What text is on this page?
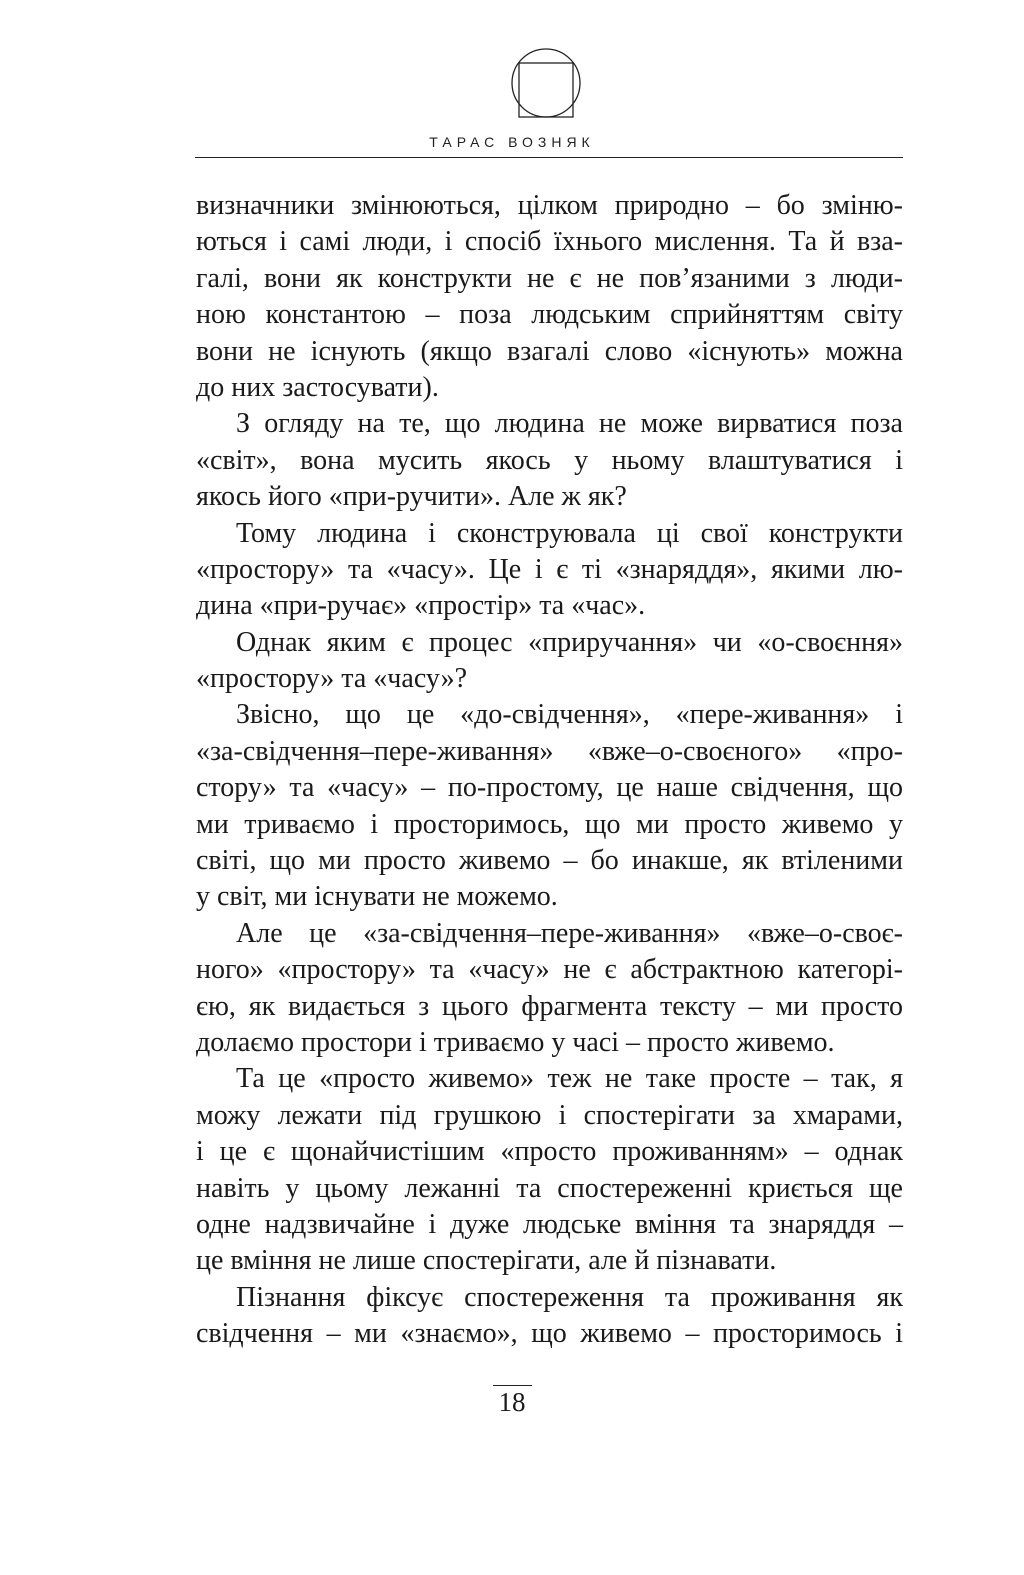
ТАРАС ВОЗНЯК
визначники змінюються, цілком природно – бо зміню-
ються і самі люди, і спосіб їхнього мислення. Та й вза-
галі, вони як конструкти не є не пов’язаними з люди-
ною константою – поза людським сприйняттям світу
вони не існують (якщо взагалі слово «існують» можна
до них застосувати).
З огляду на те, що людина не може вирватися поза
«світ», вона мусить якось у ньому влаштуватися і
якось його «при-ручити». Але ж як?
Тому людина і сконструювала ці свої конструкти
«простору» та «часу». Це і є ті «знаряддя», якими лю-
дина «при-ручає» «простір» та «час».
Однак яким є процес «приручання» чи «о-своєння»
«простору» та «часу»?
Звісно, що це «до-свідчення», «пере-живання» і
«за-свідчення–пере-живання» «вже–о-своєного» «про-
стору» та «часу» – по-простому, це наше свідчення, що
ми триваємо і просторимось, що ми просто живемо у
світі, що ми просто живемо – бо инакше, як втіленими
у світ, ми існувати не можемо.
Але це «за-свідчення–пере-живання» «вже–о-своє-
ного» «простору» та «часу» не є абстрактною категорі-
єю, як видається з цього фрагмента тексту – ми просто
долаємо простори і триваємо у часі – просто живемо.
Та це «просто живемо» теж не таке просте – так, я
можу лежати під грушкою і спостерігати за хмарами,
і це є щонайчистішим «просто проживанням» – однак
навіть у цьому лежанні та спостереженні криється ще
одне надзвичайне і дуже людське вміння та знаряддя –
це вміння не лише спостерігати, але й пізнавати.
Пізнання фіксує спостереження та проживання як
свідчення – ми «знаємо», що живемо – просторимось і
18
